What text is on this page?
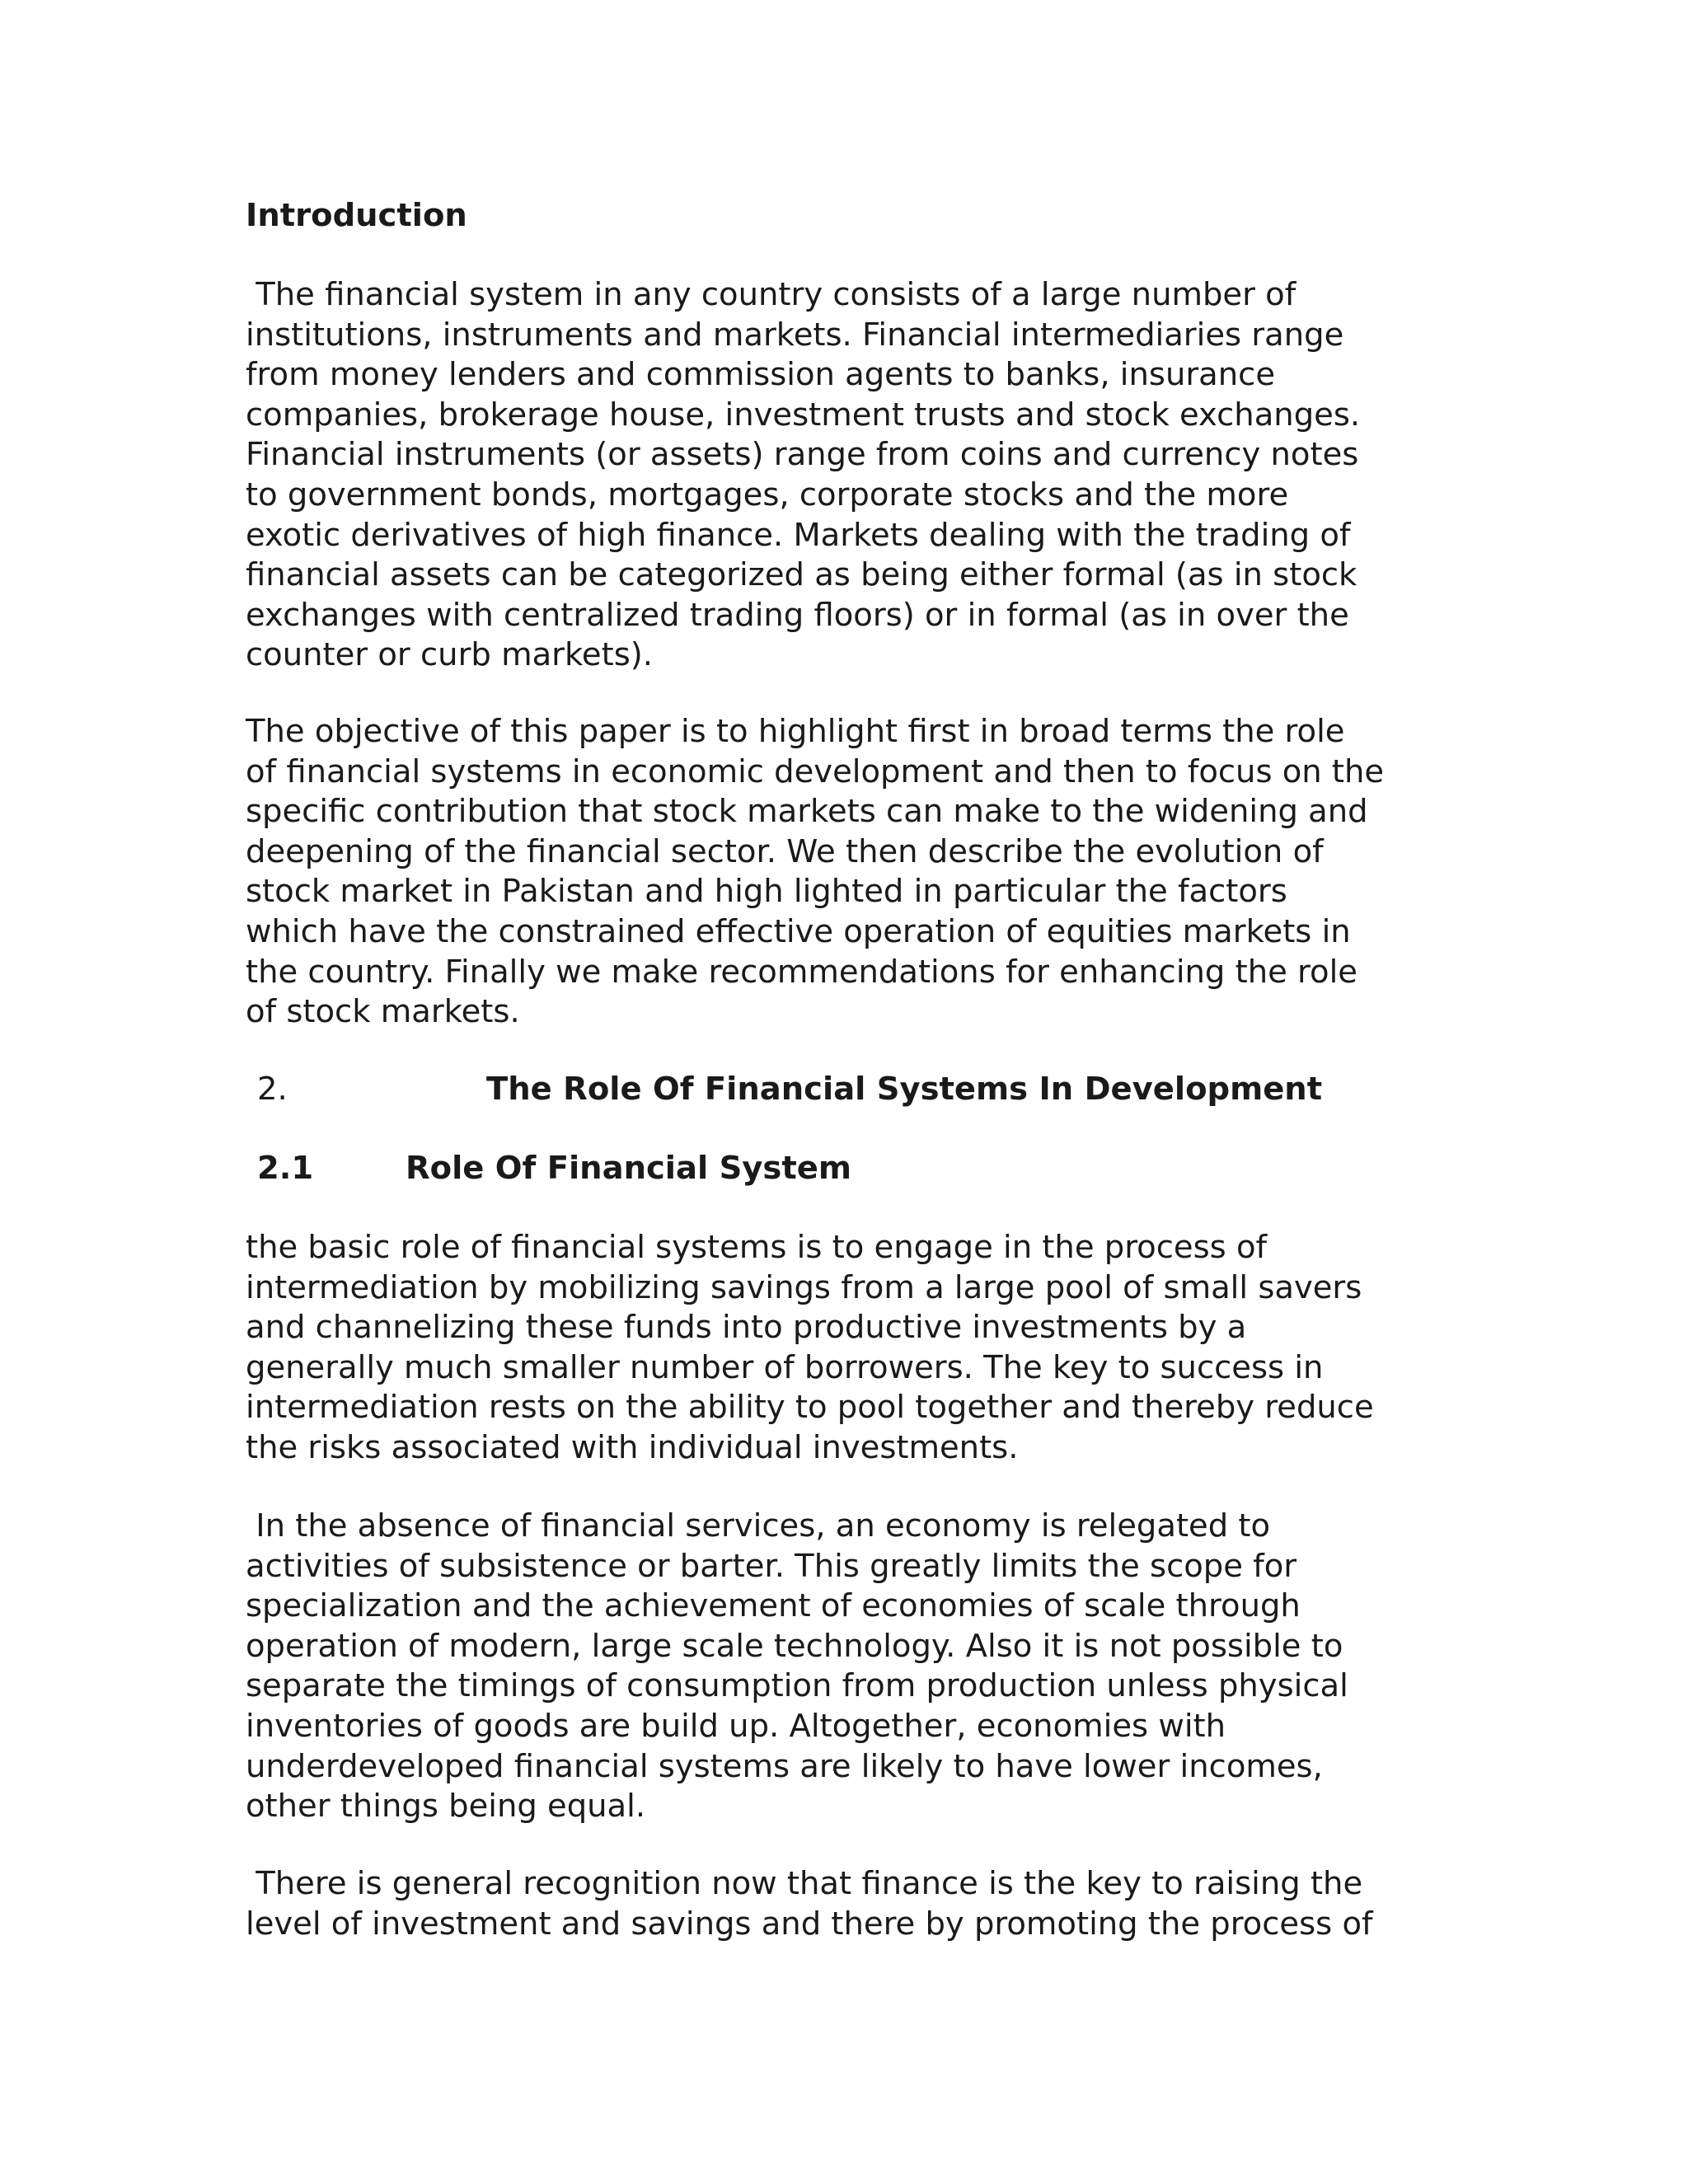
Introduction
The financial system in any country consists of a large number of
institutions, instruments and markets. Financial intermediaries range
from money lenders and commission agents to banks, insurance
companies, brokerage house, investment trusts and stock exchanges.
Financial instruments (or assets) range from coins and currency notes
to government bonds, mortgages, corporate stocks and the more
exotic derivatives of high finance. Markets dealing with the trading of
financial assets can be categorized as being either formal (as in stock
exchanges with centralized trading floors) or in formal (as in over the
counter or curb markets).
The objective of this paper is to highlight first in broad terms the role
of financial systems in economic development and then to focus on the
specific contribution that stock markets can make to the widening and
deepening of the financial sector. We then describe the evolution of
stock market in Pakistan and high lighted in particular the factors
which have the constrained effective operation of equities markets in
the country. Finally we make recommendations for enhancing the role
of stock markets.
2.	The Role Of Financial Systems In Development
2.1	Role Of Financial System
the basic role of financial systems is to engage in the process of
intermediation by mobilizing savings from a large pool of small savers
and channelizing these funds into productive investments by a
generally much smaller number of borrowers. The key to success in
intermediation rests on the ability to pool together and thereby reduce
the risks associated with individual investments.
In the absence of financial services, an economy is relegated to
activities of subsistence or barter. This greatly limits the scope for
specialization and the achievement of economies of scale through
operation of modern, large scale technology. Also it is not possible to
separate the timings of consumption from production unless physical
inventories of goods are build up. Altogether, economies with
underdeveloped financial systems are likely to have lower incomes,
other things being equal.
There is general recognition now that finance is the key to raising the
level of investment and savings and there by promoting the process of
